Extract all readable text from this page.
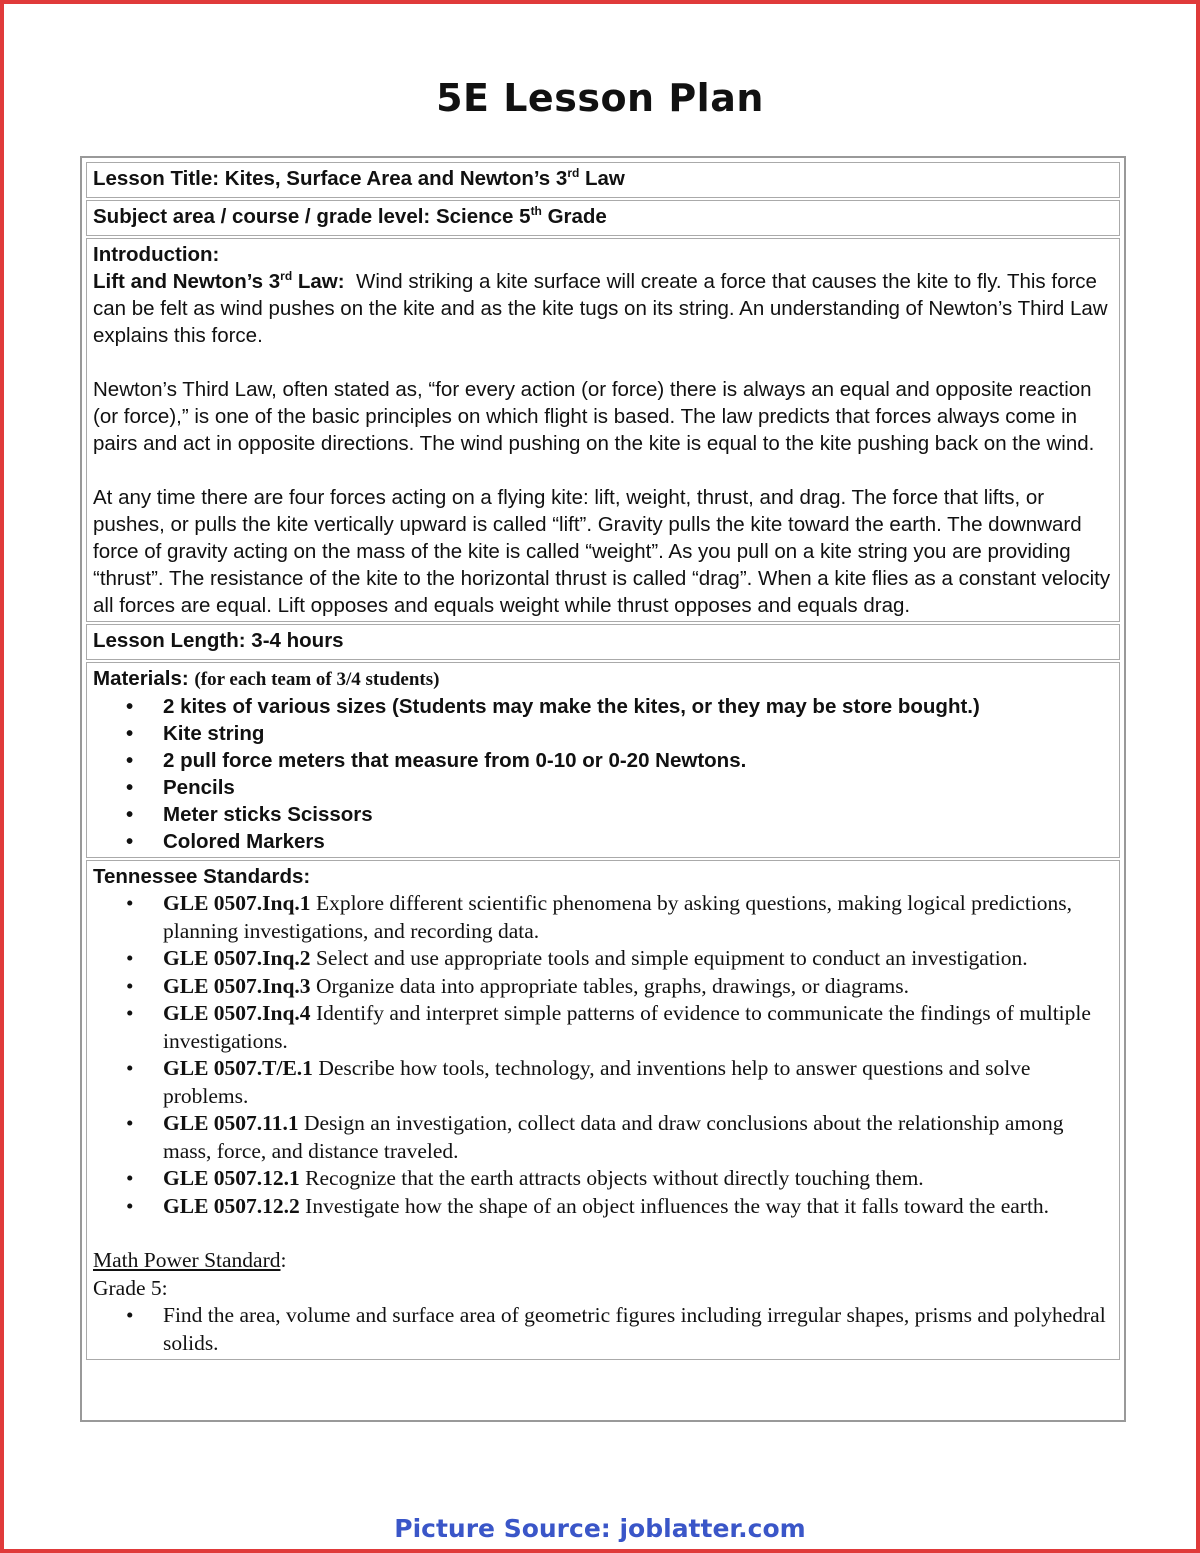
5E Lesson Plan
Lesson Title: Kites, Surface Area and Newton’s 3rd Law
Subject area / course / grade level: Science 5th Grade

Introduction:

Lift and Newton’s 3rd Law: Wind striking a kite surface will create a force that causes the kite to fly. This force can be felt as wind pushes on the kite and as the kite tugs on its string. An understanding of Newton’s Third Law explains this force.

Newton’s Third Law, often stated as, “for every action (or force) there is always an equal and opposite reaction (or force),” is one of the basic principles on which flight is based. The law predicts that forces always come in pairs and act in opposite directions. The wind pushing on the kite is equal to the kite pushing back on the wind.

At any time there are four forces acting on a flying kite: lift, weight, thrust, and drag. The force that lifts, or pushes, or pulls the kite vertically upward is called “lift”. Gravity pulls the kite toward the earth. The downward force of gravity acting on the mass of the kite is called “weight”. As you pull on a kite string you are providing “thrust”. The resistance of the kite to the horizontal thrust is called “drag”. When a kite flies as a constant velocity all forces are equal. Lift opposes and equals weight while thrust opposes and equals drag.

Lesson Length: 3-4 hours

Materials: (for each team of 3/4 students)

• 2 kites of various sizes (Students may make the kites, or they may be store bought.)
• Kite string
• 2 pull force meters that measure from 0-10 or 0-20 Newtons.
• Pencils
• Meter sticks Scissors
• Colored Markers

Tennessee Standards:

• GLE 0507.Inq.1 Explore different scientific phenomena by asking questions, making logical predictions, planning investigations, and recording data.
• GLE 0507.Inq.2 Select and use appropriate tools and simple equipment to conduct an investigation.
• GLE 0507.Inq.3 Organize data into appropriate tables, graphs, drawings, or diagrams.
• GLE 0507.Inq.4 Identify and interpret simple patterns of evidence to communicate the findings of multiple investigations.
• GLE 0507.T/E.1 Describe how tools, technology, and inventions help to answer questions and solve problems.
• GLE 0507.11.1 Design an investigation, collect data and draw conclusions about the relationship among mass, force, and distance traveled.
• GLE 0507.12.1 Recognize that the earth attracts objects without directly touching them.
• GLE 0507.12.2 Investigate how the shape of an object influences the way that it falls toward the earth.

Math Power Standard:

Grade 5:

• Find the area, volume and surface area of geometric figures including irregular shapes, prisms and polyhedral solids.
Picture Source: joblatter.com
